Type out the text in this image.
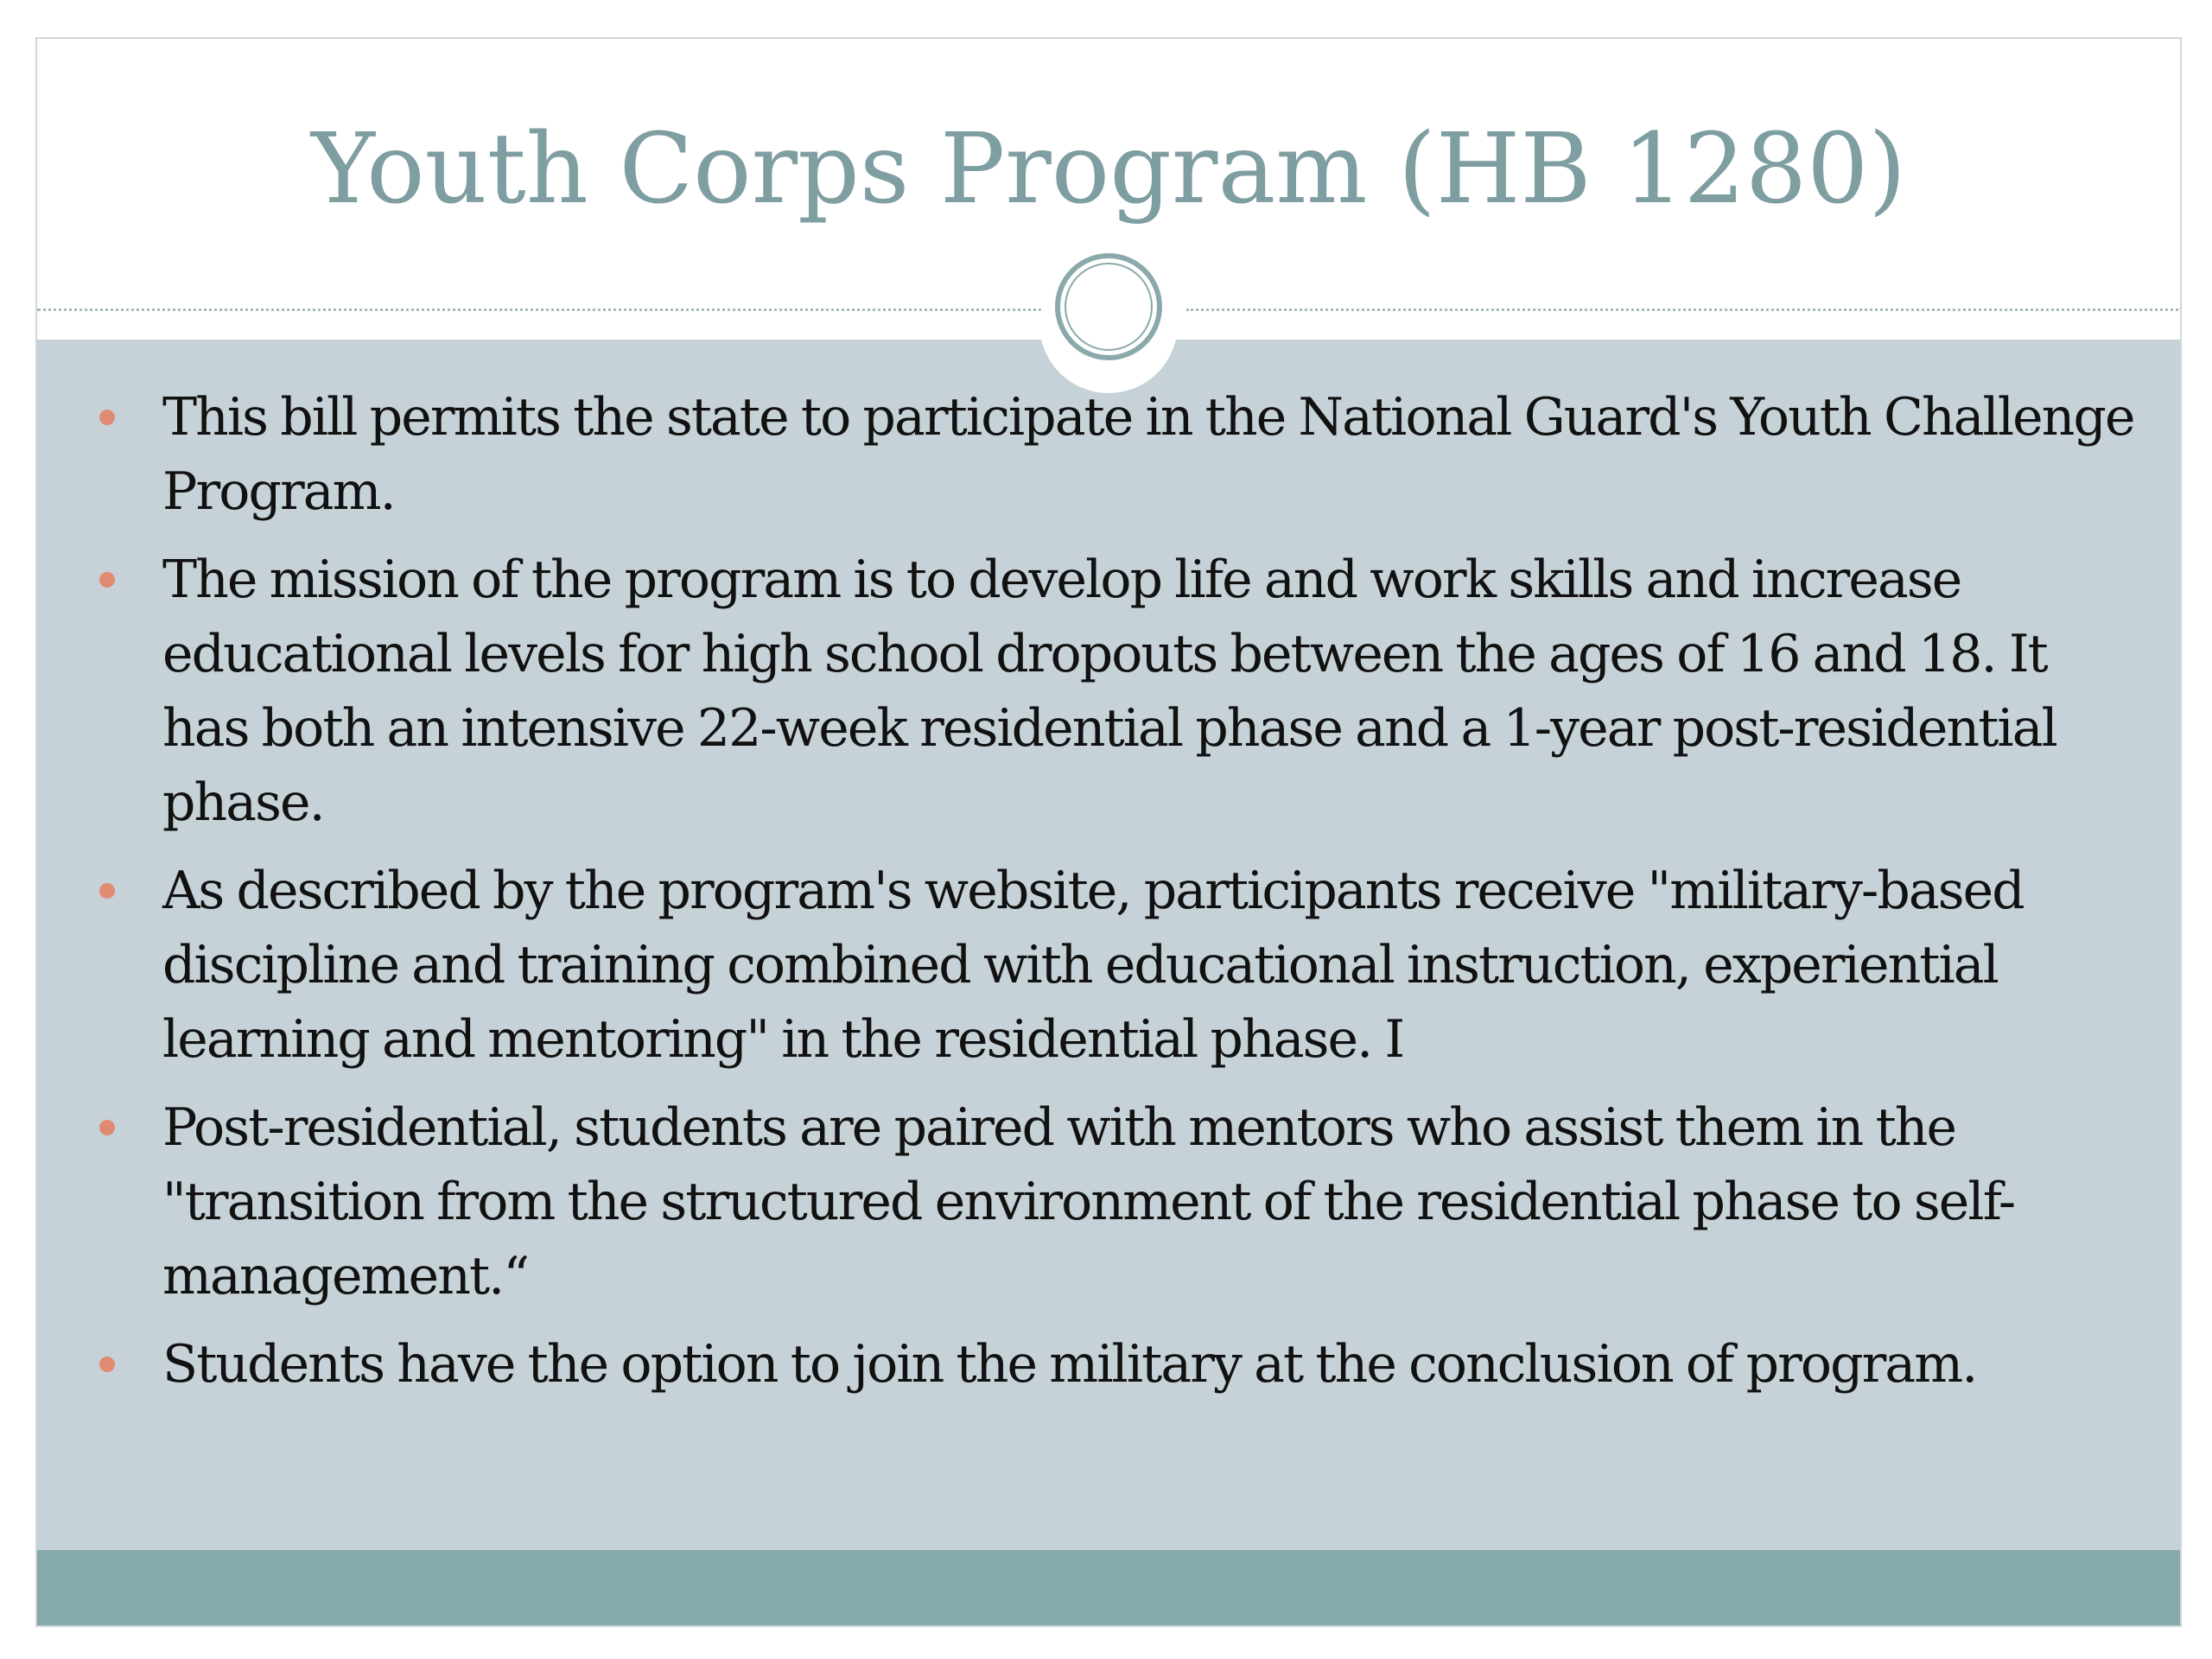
Youth Corps Program (HB 1280)
This bill permits the state to participate in the National Guard's Youth Challenge Program.
The mission of the program is to develop life and work skills and increase educational levels for high school dropouts between the ages of 16 and 18. It has both an intensive 22-week residential phase and a 1-year post-residential phase.
As described by the program's website, participants receive "military-based discipline and training combined with educational instruction, experiential learning and mentoring" in the residential phase. I
Post-residential, students are paired with mentors who assist them in the "transition from the structured environment of the residential phase to self-management.“
Students have the option to join the military at the conclusion of program.
